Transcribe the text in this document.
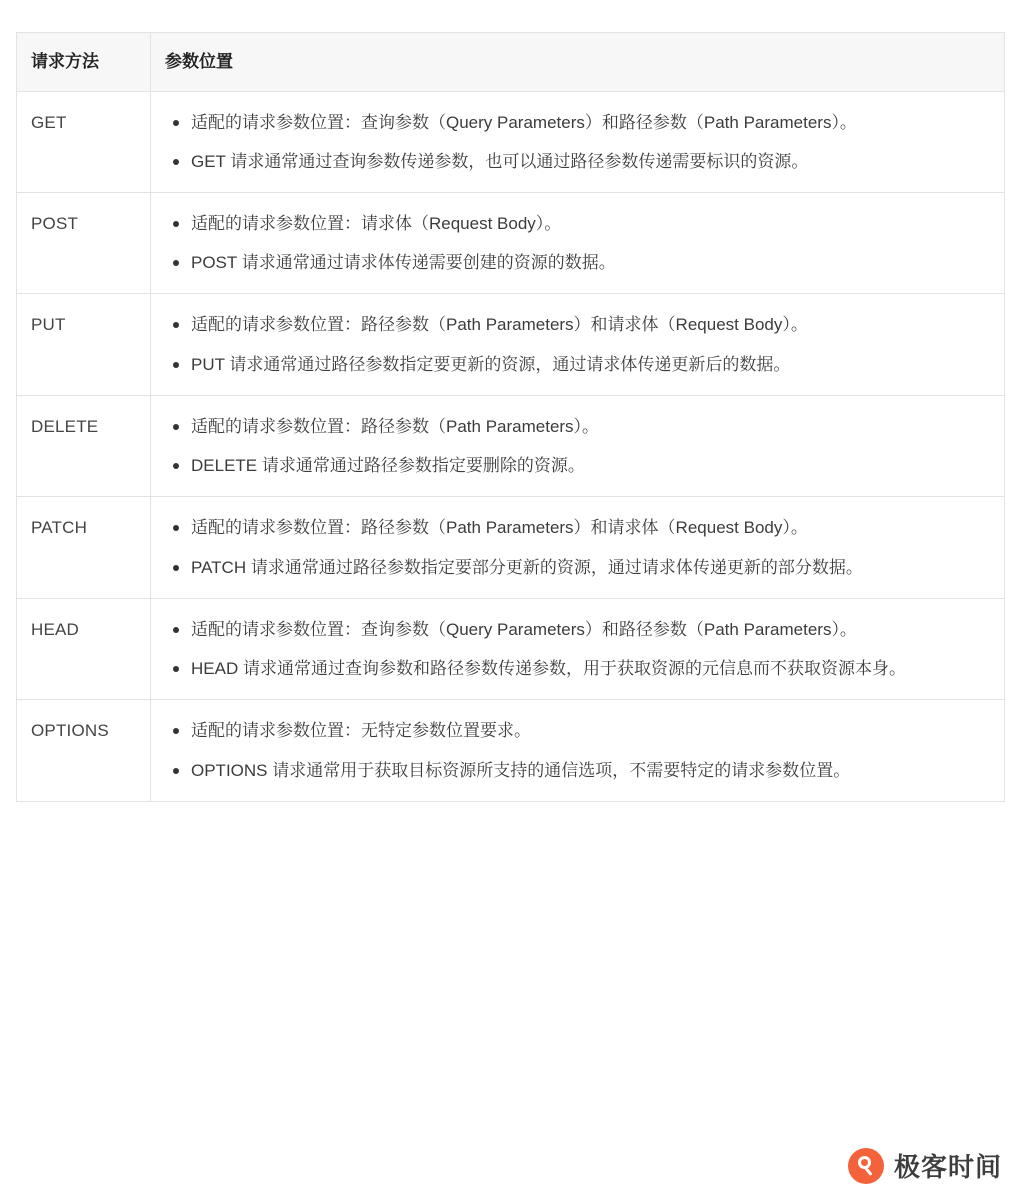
请求方法	参数位置
GET	适配的请求参数位置：查询参数（Query Parameters）和路径参数（Path Parameters）。
GET 请求通常通过查询参数传递参数，也可以通过路径参数传递需要标识的资源。

POST	适配的请求参数位置：请求体（Request Body）。
POST 请求通常通过请求体传递需要创建的资源的数据。

PUT	适配的请求参数位置：路径参数（Path Parameters）和请求体（Request Body）。
PUT 请求通常通过路径参数指定要更新的资源，通过请求体传递更新后的数据。

DELETE	适配的请求参数位置：路径参数（Path Parameters）。
DELETE 请求通常通过路径参数指定要删除的资源。

PATCH	适配的请求参数位置：路径参数（Path Parameters）和请求体（Request Body）。
PATCH 请求通常通过路径参数指定要部分更新的资源，通过请求体传递更新的部分数据。

HEAD	适配的请求参数位置：查询参数（Query Parameters）和路径参数（Path Parameters）。
HEAD 请求通常通过查询参数和路径参数传递参数，用于获取资源的元信息而不获取资源本身。

OPTIONS	适配的请求参数位置：无特定参数位置要求。
OPTIONS 请求通常用于获取目标资源所支持的通信选项，不需要特定的请求参数位置。
极客时间
